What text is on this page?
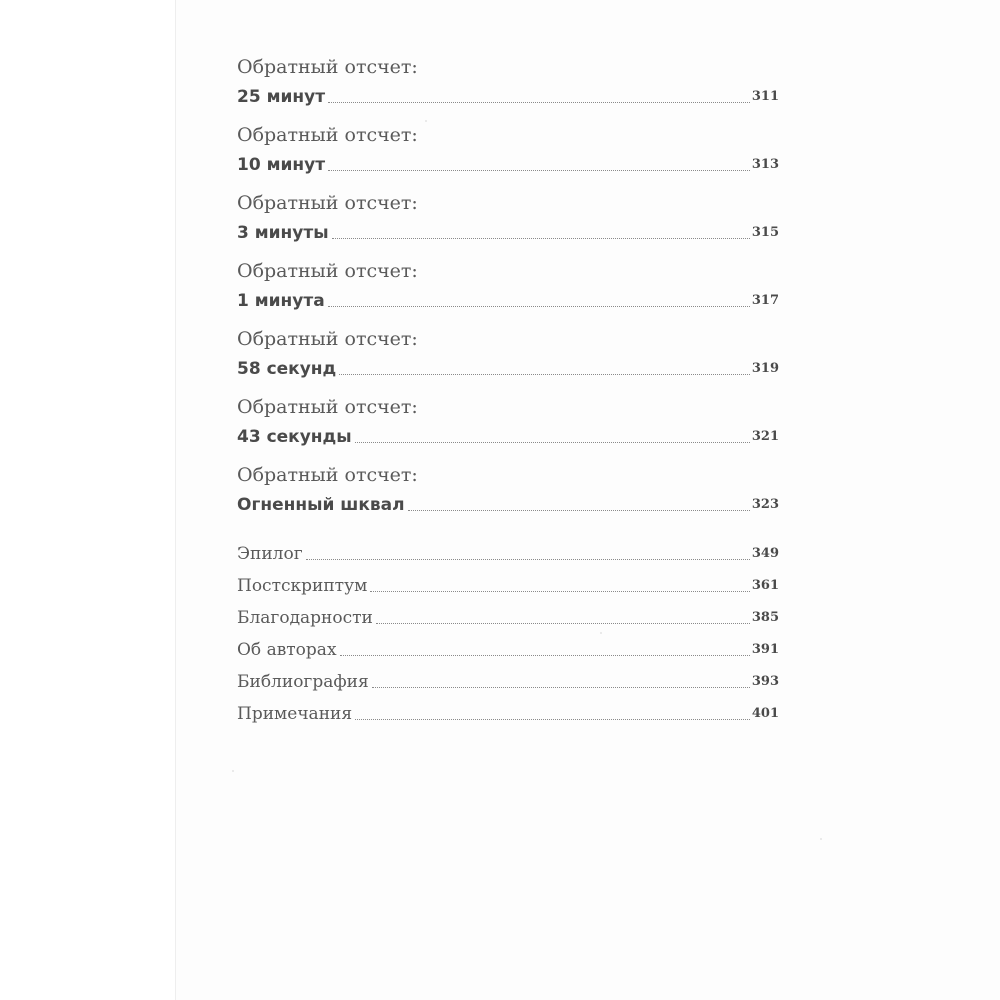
Обратный отсчет:
25 минут	311
Обратный отсчет:
10 минут	313
Обратный отсчет:
3 минуты	315
Обратный отсчет:
1 минута	317
Обратный отсчет:
58 секунд	319
Обратный отсчет:
43 секунды	321
Обратный отсчет:
Огненный шквал	323
Эпилог	349
Постскриптум	361
Благодарности	385
Об авторах	391
Библиография	393
Примечания	401
